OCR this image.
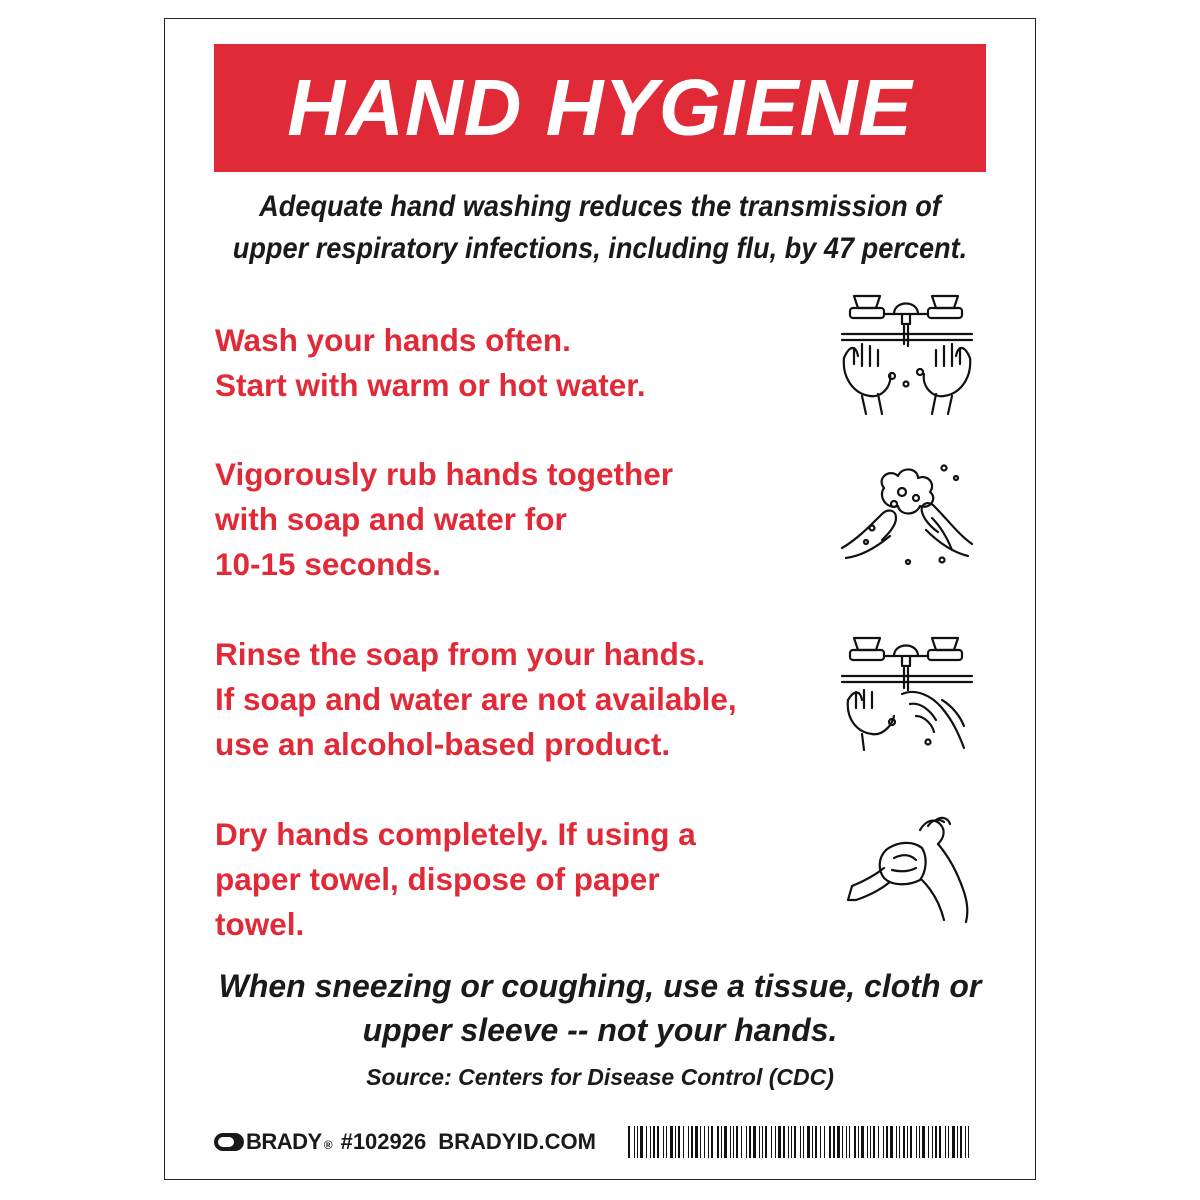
HAND HYGIENE
Adequate hand washing reduces the transmission of
upper respiratory infections, including flu, by 47 percent.
Wash your hands often.
Start with warm or hot water.
Vigorously rub hands together
with soap and water for
10-15 seconds.
Rinse the soap from your hands.
If soap and water are not available,
use an alcohol-based product.
Dry hands completely. If using a
paper towel, dispose of paper
towel.
When sneezing or coughing, use a tissue, cloth or
upper sleeve -- not your hands.
Source: Centers for Disease Control (CDC)
BRADY ® #102926 BRADYID.COM
